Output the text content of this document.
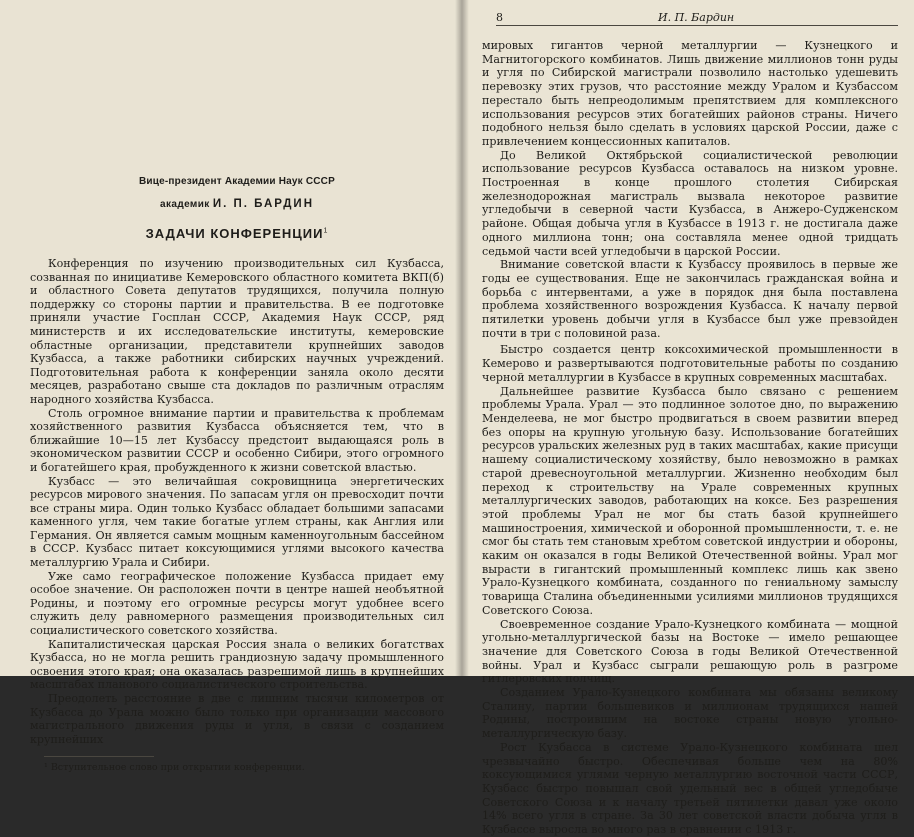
Вице-президент Академии Наук СССР
академик И. П. БАРДИН
ЗАДАЧИ КОНФЕРЕНЦИИ$^1$

Конференция по изучению производительных сил Кузбасса, созванная по инициативе Кемеровского областного комитета ВКП(б) и областного Совета депутатов трудящихся, получила полную поддержку со стороны партии и правительства. В ее подготовке приняли участие Госплан СССР, Академия Наук СССР, ряд министерств и их исследовательские институты, кемеровские областные организации, представители крупнейших заводов Кузбасса, а также работники сибирских научных учреждений. Подготовительная работа к конференции заняла около десяти месяцев, разработано свыше ста докладов по различным отраслям народного хозяйства Кузбасса.

Столь огромное внимание партии и правительства к проблемам хозяйственного развития Кузбасса объясняется тем, что в ближайшие 10—15 лет Кузбассу предстоит выдающаяся роль в экономическом развитии СССР и особенно Сибири, этого огромного и богатейшего края, пробужденного к жизни советской властью.

Кузбасс — это величайшая сокровищница энергетических ресурсов мирового значения. По запасам угля он превосходит почти все страны мира. Один только Кузбасс обладает большими запасами каменного угля, чем такие богатые углем страны, как Англия или Германия. Он является самым мощным каменноугольным бассейном в СССР. Кузбасс питает коксующимися углями высокого качества металлургию Урала и Сибири.

Уже само географическое положение Кузбасса придает ему особое значение. Он расположен почти в центре нашей необъятной Родины, и поэтому его огромные ресурсы могут удобнее всего служить делу равномерного размещения производительных сил социалистического советского хозяйства.

Капиталистическая царская Россия знала о великих богатствах Кузбасса, но не могла решить грандиозную задачу промышленного освоения этого края; она оказалась разрешимой лишь в крупнейших масштабах планового социалистического строительства.

Преодолеть расстояние в две с лишним тысячи километров от Кузбасса до Урала можно было только при организации массового магистрального движения руды и угля, в связи с созданием крупнейших

¹ Вступительное слово при открытии конференции.
8	И. П. Бардин

мировых гигантов черной металлургии — Кузнецкого и Магнитогорского комбинатов. Лишь движение миллионов тонн руды и угля по Сибирской магистрали позволило настолько удешевить перевозку этих грузов, что расстояние между Уралом и Кузбассом перестало быть непреодолимым препятствием для комплексного использования ресурсов этих богатейших районов страны. Ничего подобного нельзя было сделать в условиях царской России, даже с привлечением концессионных капиталов.

До Великой Октябрьской социалистической революции использование ресурсов Кузбасса оставалось на низком уровне. Построенная в конце прошлого столетия Сибирская железнодорожная магистраль вызвала некоторое развитие угледобычи в северной части Кузбасса, в Анжеро-Судженском районе. Общая добыча угля в Кузбассе в 1913 г. не достигала даже одного миллиона тонн; она составляла менее одной тридцать седьмой части всей угледобычи в царской России.

Внимание советской власти к Кузбассу проявилось в первые же годы ее существования. Еще не закончилась гражданская война и борьба с интервентами, а уже в порядок дня была поставлена проблема хозяйственного возрождения Кузбасса. К началу первой пятилетки уровень добычи угля в Кузбассе был уже превзойден почти в три с половиной раза.

Быстро создается центр коксохимической промышленности в Кемерово и развертываются подготовительные работы по созданию черной металлургии в Кузбассе в крупных современных масштабах.

Дальнейшее развитие Кузбасса было связано с решением проблемы Урала. Урал — это подлинное золотое дно, по выражению Менделеева, не мог быстро продвигаться в своем развитии вперед без опоры на крупную угольную базу. Использование богатейших ресурсов уральских железных руд в таких масштабах, какие присущи нашему социалистическому хозяйству, было невозможно в рамках старой древесноугольной металлургии. Жизненно необходим был переход к строительству на Урале современных крупных металлургических заводов, работающих на коксе. Без разрешения этой проблемы Урал не мог бы стать базой крупнейшего машиностроения, химической и оборонной промышленности, т. е. не смог бы стать тем становым хребтом советской индустрии и обороны, каким он оказался в годы Великой Отечественной войны. Урал мог вырасти в гигантский промышленный комплекс лишь как звено Урало-Кузнецкого комбината, созданного по гениальному замыслу товарища Сталина объединенными усилиями миллионов трудящихся Советского Союза.

Своевременное создание Урало-Кузнецкого комбината — мощной угольно-металлургической базы на Востоке — имело решающее значение для Советского Союза в годы Великой Отечественной войны. Урал и Кузбасс сыграли решающую роль в разгроме гитлеровских полчищ.

Созданием Урало-Кузнецкого комбината мы обязаны великому Сталину, партии большевиков и миллионам трудящихся нашей Родины, построившим на востоке страны новую угольно-металлургическую базу.

Рост Кузбасса в системе Урало-Кузнецкого комбината шел чрезвычайно быстро. Обеспечивая больше чем на 80% коксующимися углями черную металлургию восточной части СССР, Кузбасс быстро повышал свой удельный вес в общей угледобыче Советского Союза и к началу третьей пятилетки давал уже около 14% всего угля в стране. За 30 лет советской власти добыча угля в Кузбассе выросла во много раз в сравнении с 1913 г.
